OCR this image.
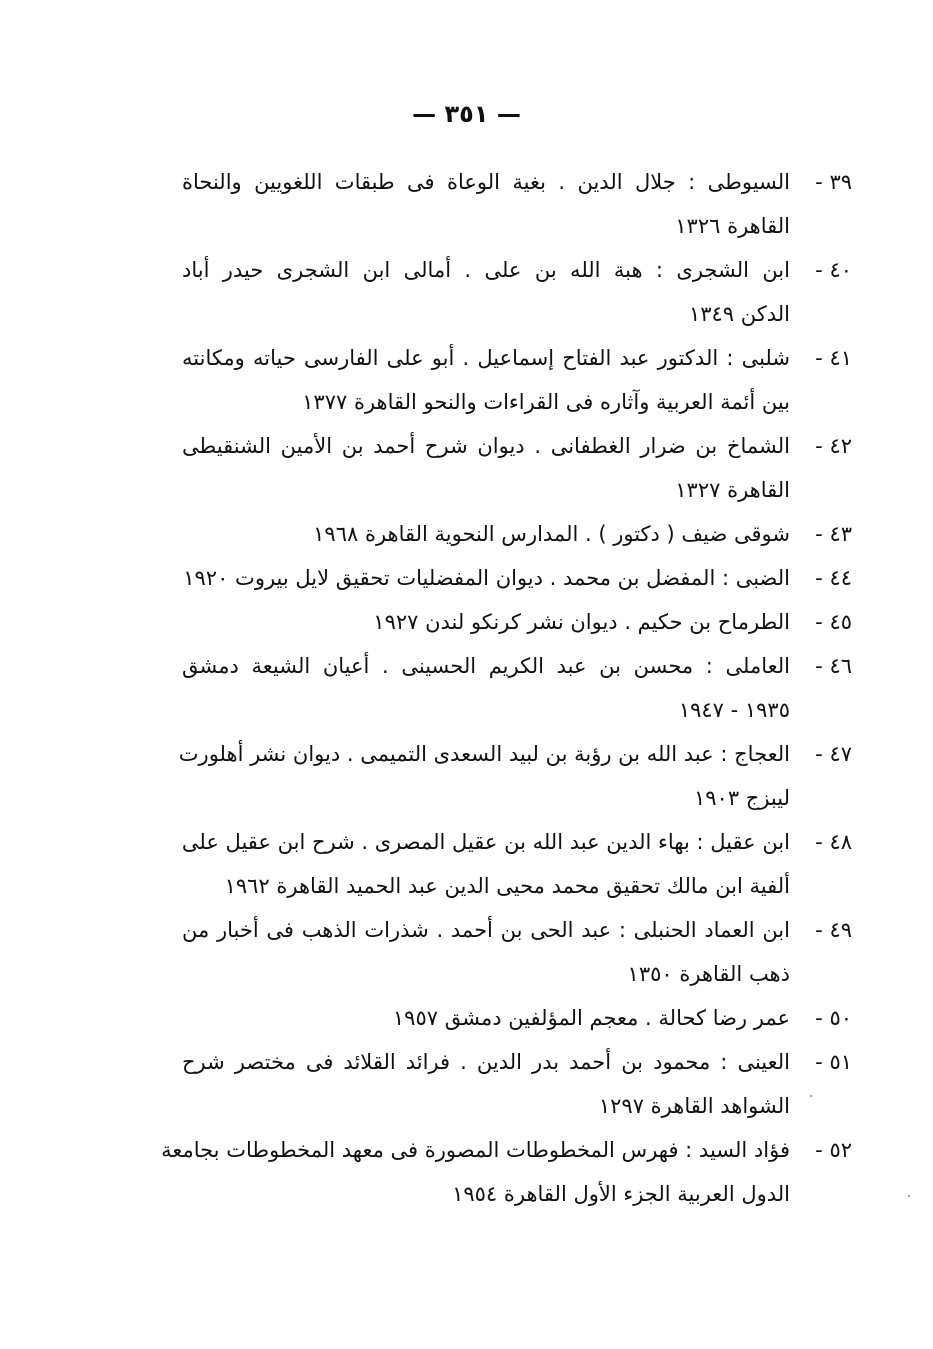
— ٣٥١ —
٣٩ -
السيوطى : جلال الدين . بغية الوعاة فى طبقات اللغويين والنحاة
القاهرة ١٣٢٦
٤٠ -
ابن الشجرى : هبة الله بن على . أمالى ابن الشجرى حيدر أباد
الدكن ١٣٤٩
٤١ -
شلبى : الدكتور عبد الفتاح إسماعيل . أبو على الفارسى حياته ومكانته
بين أئمة العربية وآثاره فى القراءات والنحو القاهرة ١٣٧٧
٤٢ -
الشماخ بن ضرار الغطفانى . ديوان شرح أحمد بن الأمين الشنقيطى
القاهرة ١٣٢٧
٤٣ -
شوقى ضيف ( دكتور ) . المدارس النحوية القاهرة ١٩٦٨
٤٤ -
الضبى : المفضل بن محمد . ديوان المفضليات تحقيق لايل بيروت ١٩٢٠
٤٥ -
الطرماح بن حكيم . ديوان نشر كرنكو لندن ١٩٢٧
٤٦ -
العاملى : محسن بن عبد الكريم الحسينى . أعيان الشيعة دمشق
١٩٣٥ - ١٩٤٧
٤٧ -
العجاج : عبد الله بن رؤبة بن لبيد السعدى التميمى . ديوان نشر أهلورت
ليبزج ١٩٠٣
٤٨ -
ابن عقيل : بهاء الدين عبد الله بن عقيل المصرى . شرح ابن عقيل على
ألفية ابن مالك تحقيق محمد محيى الدين عبد الحميد القاهرة ١٩٦٢
٤٩ -
ابن العماد الحنبلى : عبد الحى بن أحمد . شذرات الذهب فى أخبار من
ذهب القاهرة ١٣٥٠
٥٠ -
عمر رضا كحالة . معجم المؤلفين دمشق ١٩٥٧
٥١ -
العينى : محمود بن أحمد بدر الدين . فرائد القلائد فى مختصر شرح
الشواهد القاهرة ١٢٩٧
٥٢ -
فؤاد السيد : فهرس المخطوطات المصورة فى معهد المخطوطات بجامعة
الدول العربية الجزء الأول القاهرة ١٩٥٤
